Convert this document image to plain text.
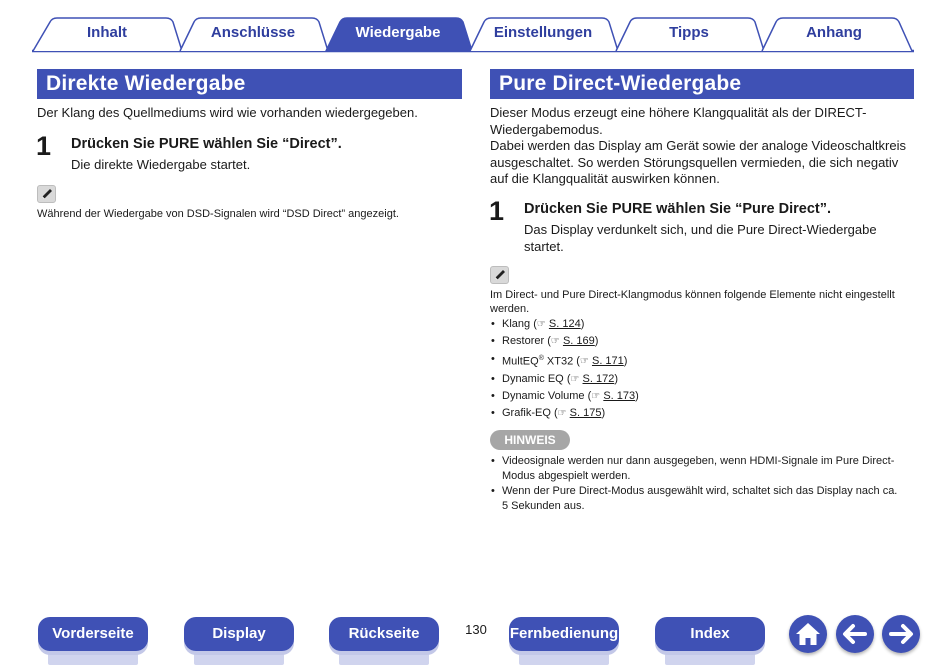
Inhalt	Anschlüsse	Wiedergabe	Einstellungen	Tipps	Anhang
Direkte Wiedergabe
Der Klang des Quellmediums wird wie vorhanden wiedergegeben.
1 Drücken Sie PURE wählen Sie “Direct”.
Die direkte Wiedergabe startet.
Während der Wiedergabe von DSD-Signalen wird “DSD Direct” angezeigt.
Pure Direct-Wiedergabe
Dieser Modus erzeugt eine höhere Klangqualität als der DIRECT-
Wiedergabemodus.
Dabei werden das Display am Gerät sowie der analoge Videoschaltkreis
ausgeschaltet. So werden Störungsquellen vermieden, die sich negativ
auf die Klangqualität auswirken können.
1 Drücken Sie PURE wählen Sie “Pure Direct”.
Das Display verdunkelt sich, und die Pure Direct-Wiedergabe
startet.
Im Direct- und Pure Direct-Klangmodus können folgende Elemente nicht eingestellt
werden.
• Klang (☞ S. 124)
• Restorer (☞ S. 169)
• MultEQ® XT32 (☞ S. 171)
• Dynamic EQ (☞ S. 172)
• Dynamic Volume (☞ S. 173)
• Grafik-EQ (☞ S. 175)
HINWEIS
• Videosignale werden nur dann ausgegeben, wenn HDMI-Signale im Pure Direct-
Modus abgespielt werden.
• Wenn der Pure Direct-Modus ausgewählt wird, schaltet sich das Display nach ca.
5 Sekunden aus.
Vorderseite	Display	Rückseite	130	Fernbedienung	Index
